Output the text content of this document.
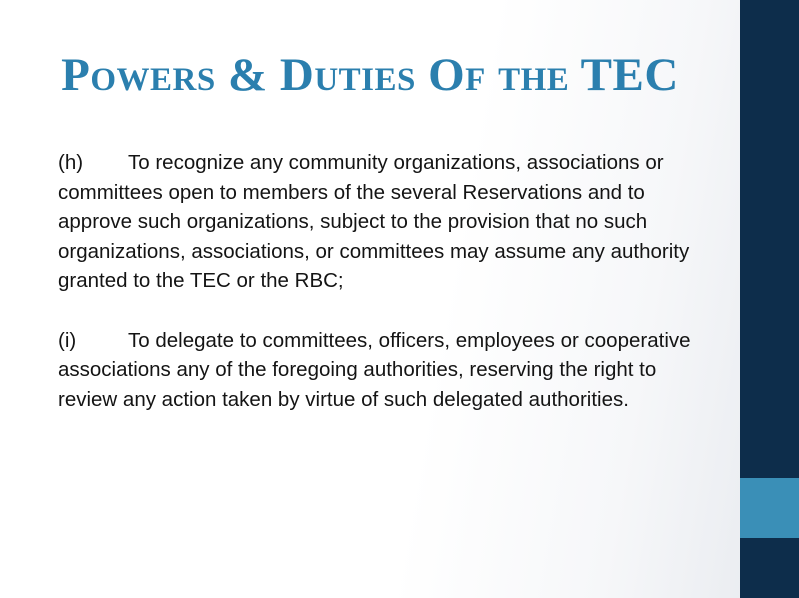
Powers & Duties Of the TEC

(h) To recognize any community organizations, associations or committees open to members of the several Reservations and to approve such organizations, subject to the provision that no such organizations, associations, or committees may assume any authority granted to the TEC or the RBC;

(i)	To delegate to committees, officers, employees or cooperative associations any of the foregoing authorities, reserving the right to review any action taken by virtue of such delegated authorities.
